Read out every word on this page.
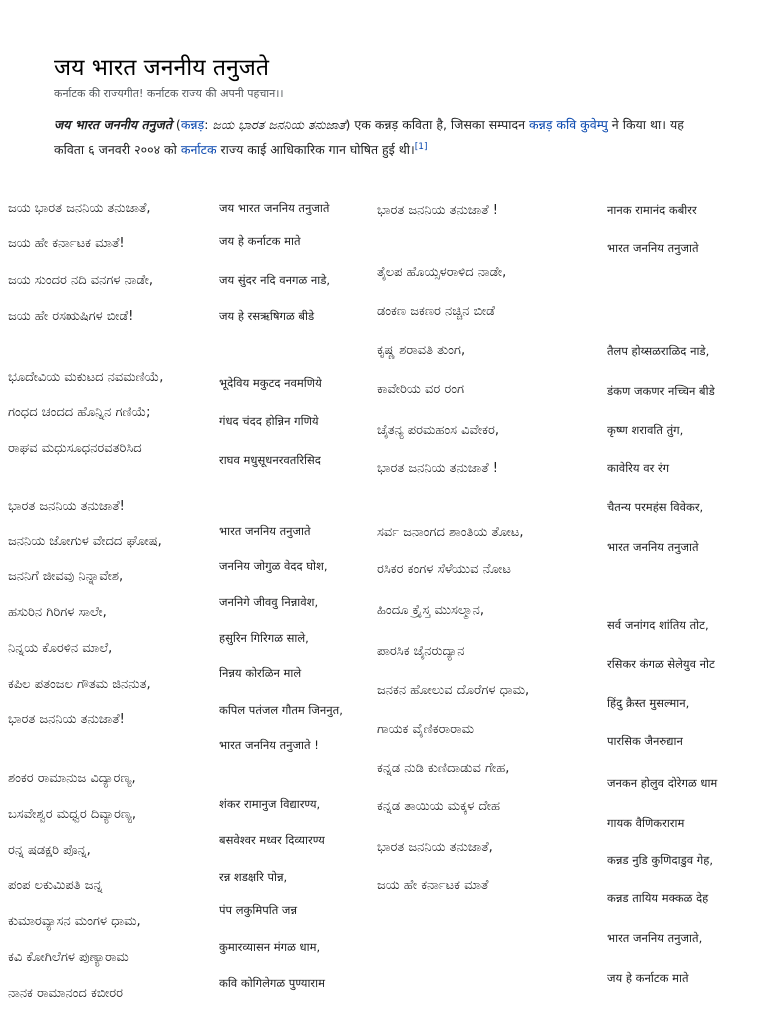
जय भारत जननीय तनुजते
कर्नाटक की राज्यगीत! कर्नाटक राज्य की अपनी पहचान।।
जय भारत जननीय तनुजते (कन्नड़: ಜಯ ಭಾರತ ಜನನಿಯ ತನುಜಾತೆ) एक कन्नड़ कविता है, जिसका सम्पादन कन्नड़ कवि कुवेम्पु ने किया था। यह कविता ६ जनवरी २००४ को कर्नाटक राज्य काई आधिकारिक गान घोषित हुई थी।[1]
ಜಯ ಭಾರತ ಜನನಿಯ ತನುಜಾತೆ,
ಜಯ ಹೇ ಕರ್ನಾಟಕ ಮಾತೆ!
ಜಯ ಸುಂದರ ನದಿ ವನಗಳ ನಾಡೇ,
ಜಯ ಹೇ ರಸಋಷಿಗಳ ಬೀಡೆ!
ಭೂದೇವಿಯ ಮಕುಟದ ನವಮಣಿಯೆ,
ಗಂಧದ ಚಂದದ ಹೊನ್ನಿನ ಗಣಿಯೆ;
ರಾಘವ ಮಧುಸೂಧನರವತರಿಸಿದ
ಭಾರತ ಜನನಿಯ ತನುಜಾತೆ!
ಜನನಿಯ ಜೋಗುಳ ವೇದದ ಘೋಷ,
ಜನನಿಗೆ ಜೀವವು ನಿನ್ನಾವೇಶ,
ಹಸುರಿನ ಗಿರಿಗಳ ಸಾಲೇ,
ನಿನ್ನಯ ಕೊರಳಿನ ಮಾಲೆ,
ಕಪಿಲ ಪತಂಜಲ ಗೌತಮ ಜಿನನುತ,
ಭಾರತ ಜನನಿಯ ತನುಜಾತೆ!
ಶಂಕರ ರಾಮಾನುಜ ವಿದ್ಯಾರಣ್ಯ,
ಬಸವೇಶ್ವರ ಮಧ್ವರ ದಿವ್ಯಾರಣ್ಯ,
ರನ್ನ ಷಡಕ್ಷರಿ ಪೊನ್ನ,
ಪಂಪ ಲಕುಮಿಪತಿ ಜನ್ನ
ಕುಮಾರವ್ಯಾಸನ ಮಂಗಳ ಧಾಮ,
ಕವಿ ಕೋಗಿಲೆಗಳ ಪುಣ್ಯಾರಾಮ
ನಾನಕ ರಾಮಾನಂದ ಕಬೀರರ
जय भारत जननिय तनुजाते
जय हे कर्नाटक माते
जय सुंदर नदि वनगळ नाडे,
जय हे रसऋषिगळ बीडे
भूदेविय मकुटद नवमणिये
गंधद चंदद होन्निन गणिये
राघव मधुसूधनरवतरिसिद
भारत जननिय तनुजाते
जननिय जोगुळ वेदद घोश,
जननिगे जीववु निन्नावेश,
हसुरिन गिरिगळ साले,
निन्नय कोरळिन माले
कपिल पतंजल गौतम जिननुत,
भारत जननिय तनुजाते !
शंकर रामानुज विद्यारण्य,
बसवेश्वर मध्वर दिव्यारण्य
रन्न शडक्षरि पोन्न,
पंप लकुमिपति जन्न
कुमारव्यासन मंगळ धाम,
कवि कोगिलेगळ पुण्याराम
ಭಾರತ ಜನನಿಯ ತನುಜಾತೆ !
ತೈಲಪ ಹೊಯ್ಸಳರಾಳಿದ ನಾಡೇ,
ಡಂಕಣ ಜಕಣರ ನಚ್ಚಿನ ಬೀಡೆ
ಕೃಷ್ಣ ಶರಾವತಿ ತುಂಗ,
ಕಾವೇರಿಯ ವರ ರಂಗ
ಚೈತನ್ಯ ಪರಮಹಂಸ ವಿವೇಕರ,
ಭಾರತ ಜನನಿಯ ತನುಜಾತೆ !
ಸರ್ವ ಜನಾಂಗದ ಶಾಂತಿಯ ತೋಟ,
ರಸಿಕರ ಕಂಗಳ ಸೆಳೆಯುವ ನೋಟ
ಹಿಂದೂ ಕ್ರೈಸ್ತ ಮುಸಲ್ಮಾನ,
ಪಾರಸಿಕ ಜೈನರುದ್ಯಾನ
ಜನಕನ ಹೋಲುವ ದೊರೆಗಳ ಧಾಮ,
ಗಾಯಕ ವೈಣಿಕರಾರಾಮ
ಕನ್ನಡ ನುಡಿ ಕುಣಿದಾಡುವ ಗೇಹ,
ಕನ್ನಡ ತಾಯಿಯ ಮಕ್ಕಳ ದೇಹ
ಭಾರತ ಜನನಿಯ ತನುಜಾತೆ,
ಜಯ ಹೇ ಕರ್ನಾಟಕ ಮಾತೆ
नानक रामानंद कबीरर
भारत जननिय तनुजाते
तैलप होय्सळराळिद नाडे,
डंकण जकणर नच्चिन बीडे
कृष्ण शरावति तुंग,
कावेरिय वर रंग
चैतन्य परमहंस विवेकर,
भारत जननिय तनुजाते
सर्व जनांगद शांतिय तोट,
रसिकर कंगळ सेलेयुव नोट
हिंदु क्रैस्त मुसल्मान,
पारसिक जैनरुद्यान
जनकन होलुव दोरेगळ धाम
गायक वैणिकराराम
कन्नड नुडि कुणिदाडुव गेह,
कन्नड तायिय मक्कळ देह
भारत जननिय तनुजाते,
जय हे कर्नाटक माते
